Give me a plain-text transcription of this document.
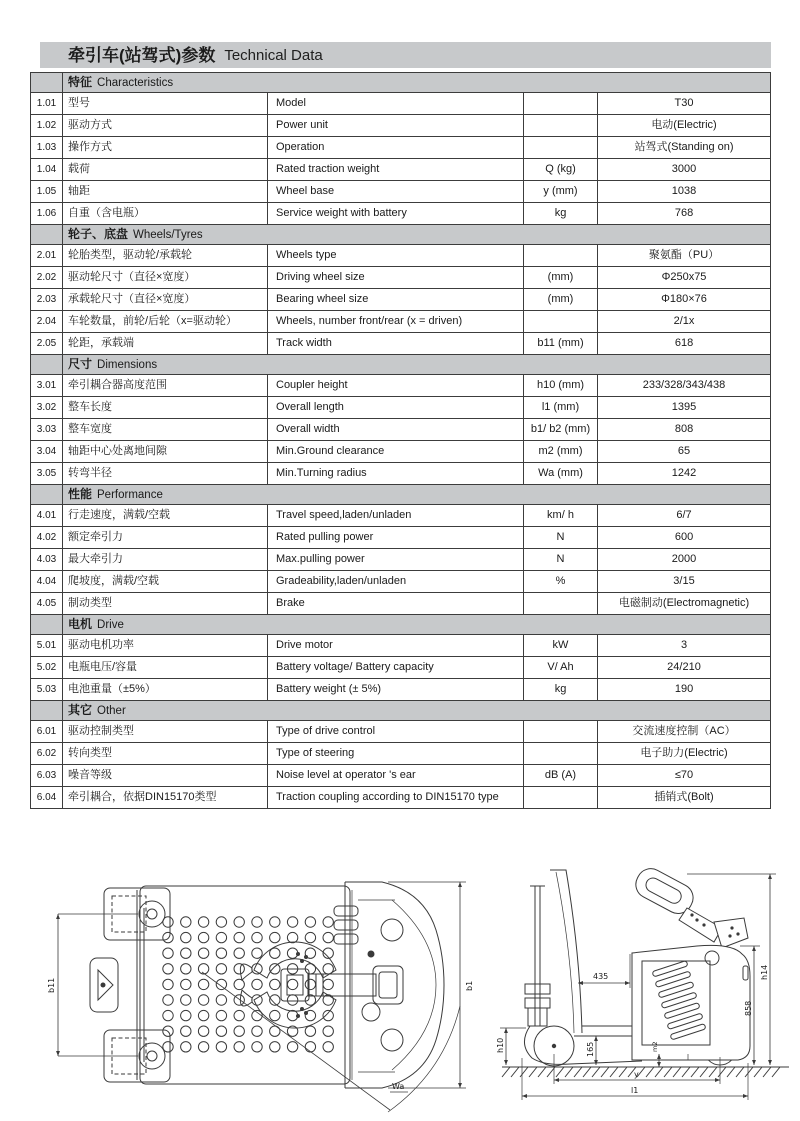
牵引车(站驾式)参数 Technical Data
	特征 Characteristics			
1.01	型号	Model		T30
1.02	驱动方式	Power unit		电动(Electric)
1.03	操作方式	Operation		站驾式(Standing on)
1.04	载荷	Rated traction weight	Q (kg)	3000
1.05	轴距	Wheel base	y (mm)	1038
1.06	自重（含电瓶）	Service weight with battery	kg	768
	轮子、底盘 Wheels/Tyres			
2.01	轮胎类型，驱动轮/承载轮	Wheels type		聚氨酯（PU）
2.02	驱动轮尺寸（直径×宽度）	Driving wheel size	(mm)	Φ250x75
2.03	承载轮尺寸（直径×宽度）	Bearing wheel size	(mm)	Φ180×76
2.04	车轮数量，前轮/后轮（x=驱动轮）	Wheels, number front/rear (x = driven)		2/1x
2.05	轮距，承载端	Track width	b11 (mm)	618
	尺寸 Dimensions			
3.01	牵引耦合器高度范围	Coupler height	h10 (mm)	233/328/343/438
3.02	整车长度	Overall length	l1 (mm)	1395
3.03	整车宽度	Overall width	b1/ b2 (mm)	808
3.04	轴距中心处离地间隙	Min.Ground clearance	m2 (mm)	65
3.05	转弯半径	Min.Turning radius	Wa (mm)	1242
	性能 Performance			
4.01	行走速度，满载/空载	Travel speed,laden/unladen	km/ h	6/7
4.02	额定牵引力	Rated pulling power	N	600
4.03	最大牵引力	Max.pulling power	N	2000
4.04	爬坡度，满载/空载	Gradeability,laden/unladen	%	3/15
4.05	制动类型	Brake		电磁制动(Electromagnetic)
	电机 Drive			
5.01	驱动电机功率	Drive motor	kW	3
5.02	电瓶电压/容量	Battery voltage/ Battery capacity	V/ Ah	24/210
5.03	电池重量（±5%）	Battery weight (± 5%)	kg	190
	其它 Other			
6.01	驱动控制类型	Type of drive control		交流速度控制（AC）
6.02	转向类型	Type of steering		电子助力(Electric)
6.03	噪音等级	Noise level at operator 's ear	dB (A)	≤70
6.04	牵引耦合，依据DIN15170类型	Traction coupling according to DIN15170 type		插销式(Bolt)
b11	b1
Wa
435
h10	165	m2
858
h14
y
l1
